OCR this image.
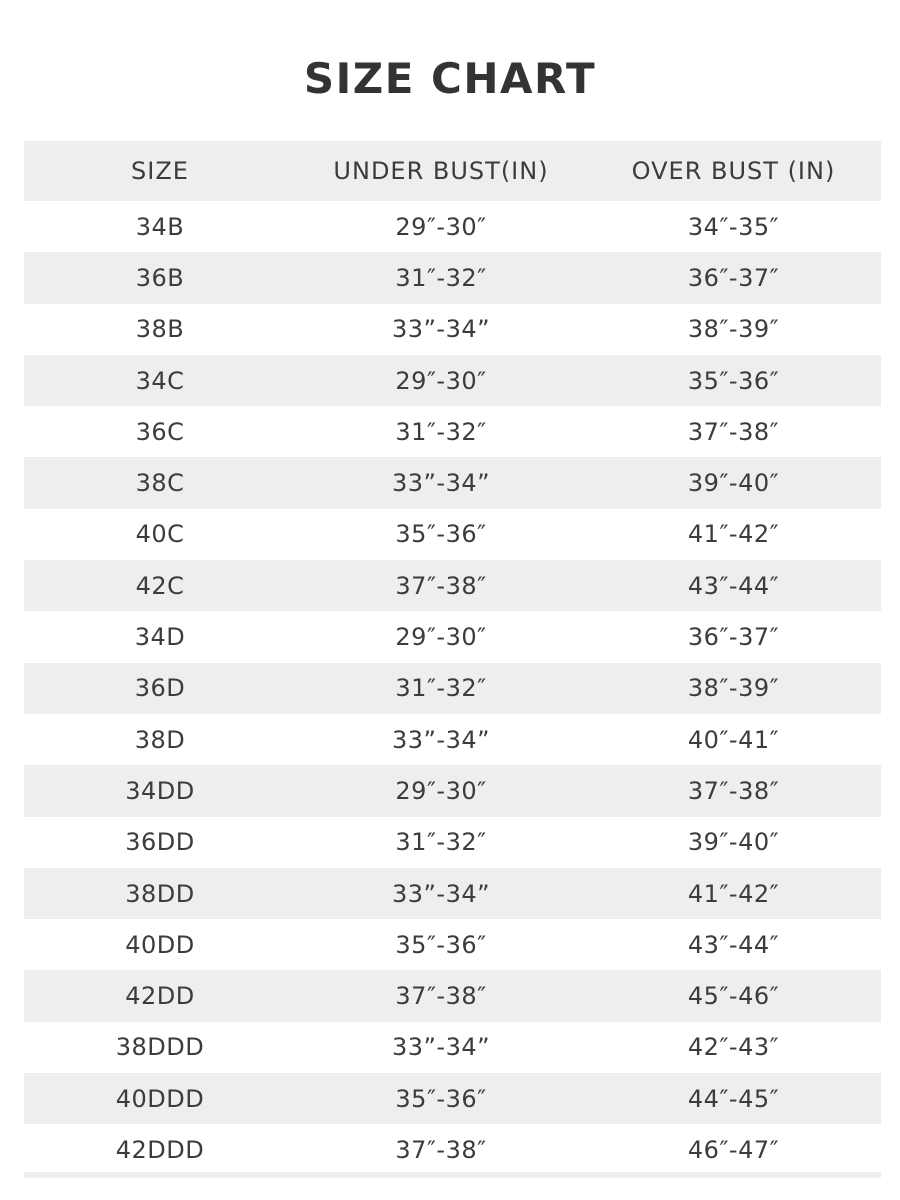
SIZE CHART
SIZE	UNDER BUST(IN)	OVER BUST (IN)
34B	29″-30″	34″-35″
36B	31″-32″	36″-37″
38B	33”-34”	38″-39″
34C	29″-30″	35″-36″
36C	31″-32″	37″-38″
38C	33”-34”	39″-40″
40C	35″-36″	41″-42″
42C	37″-38″	43″-44″
34D	29″-30″	36″-37″
36D	31″-32″	38″-39″
38D	33”-34”	40″-41″
34DD	29″-30″	37″-38″
36DD	31″-32″	39″-40″
38DD	33”-34”	41″-42″
40DD	35″-36″	43″-44″
42DD	37″-38″	45″-46″
38DDD	33”-34”	42″-43″
40DDD	35″-36″	44″-45″
42DDD	37″-38″	46″-47″
